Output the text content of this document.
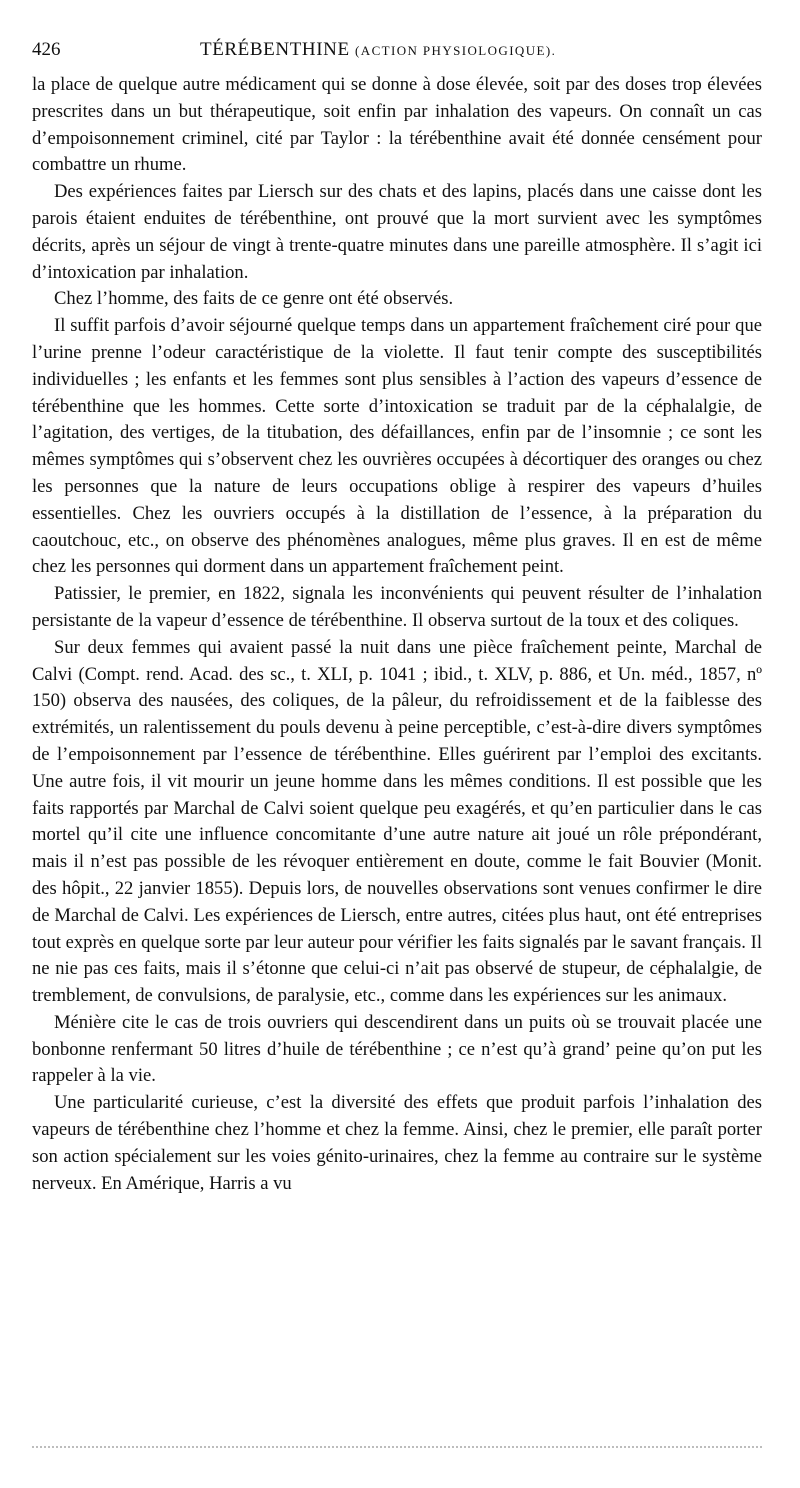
426	TÉRÉBENTHINE (ACTION PHYSIOLOGIQUE).

la place de quelque autre médicament qui se donne à dose élevée, soit par des doses trop élevées prescrites dans un but thérapeutique, soit enfin par inhalation des vapeurs. On connaît un cas d’empoisonnement criminel, cité par Taylor : la térébenthine avait été donnée censément pour combattre un rhume.

Des expériences faites par Liersch sur des chats et des lapins, placés dans une caisse dont les parois étaient enduites de térébenthine, ont prouvé que la mort survient avec les symptômes décrits, après un séjour de vingt à trente-quatre minutes dans une pareille atmosphère. Il s’agit ici d’intoxication par inhalation.

Chez l’homme, des faits de ce genre ont été observés.

Il suffit parfois d’avoir séjourné quelque temps dans un appartement fraîchement ciré pour que l’urine prenne l’odeur caractéristique de la violette. Il faut tenir compte des susceptibilités individuelles ; les enfants et les femmes sont plus sensibles à l’action des vapeurs d’essence de térébenthine que les hommes. Cette sorte d’intoxication se traduit par de la céphalalgie, de l’agitation, des vertiges, de la titubation, des défaillances, enfin par de l’insomnie ; ce sont les mêmes symptômes qui s’observent chez les ouvrières occupées à décortiquer des oranges ou chez les personnes que la nature de leurs occupations oblige à respirer des vapeurs d’huiles essentielles. Chez les ouvriers occupés à la distillation de l’essence, à la préparation du caoutchouc, etc., on observe des phénomènes analogues, même plus graves. Il en est de même chez les personnes qui dorment dans un appartement fraîchement peint.

Patissier, le premier, en 1822, signala les inconvénients qui peuvent résulter de l’inhalation persistante de la vapeur d’essence de térébenthine. Il observa surtout de la toux et des coliques.

Sur deux femmes qui avaient passé la nuit dans une pièce fraîchement peinte, Marchal de Calvi (Compt. rend. Acad. des sc., t. XLI, p. 1041 ; ibid., t. XLV, p. 886, et Un. méd., 1857, nº 150) observa des nausées, des coliques, de la pâleur, du refroidissement et de la faiblesse des extrémités, un ralentissement du pouls devenu à peine perceptible, c’est-à-dire divers symptômes de l’empoisonnement par l’essence de térébenthine. Elles guérirent par l’emploi des excitants. Une autre fois, il vit mourir un jeune homme dans les mêmes conditions. Il est possible que les faits rapportés par Marchal de Calvi soient quelque peu exagérés, et qu’en particulier dans le cas mortel qu’il cite une influence concomitante d’une autre nature ait joué un rôle prépondérant, mais il n’est pas possible de les révoquer entièrement en doute, comme le fait Bouvier (Monit. des hôpit., 22 janvier 1855). Depuis lors, de nouvelles observations sont venues confirmer le dire de Marchal de Calvi. Les expériences de Liersch, entre autres, citées plus haut, ont été entreprises tout exprès en quelque sorte par leur auteur pour vérifier les faits signalés par le savant français. Il ne nie pas ces faits, mais il s’étonne que celui-ci n’ait pas observé de stupeur, de céphalalgie, de tremblement, de convulsions, de paralysie, etc., comme dans les expériences sur les animaux.

Ménière cite le cas de trois ouvriers qui descendirent dans un puits où se trouvait placée une bonbonne renfermant 50 litres d’huile de térébenthine ; ce n’est qu’à grand’ peine qu’on put les rappeler à la vie.

Une particularité curieuse, c’est la diversité des effets que produit parfois l’inhalation des vapeurs de térébenthine chez l’homme et chez la femme. Ainsi, chez le premier, elle paraît porter son action spécialement sur les voies génito-urinaires, chez la femme au contraire sur le système nerveux. En Amérique, Harris a vu
